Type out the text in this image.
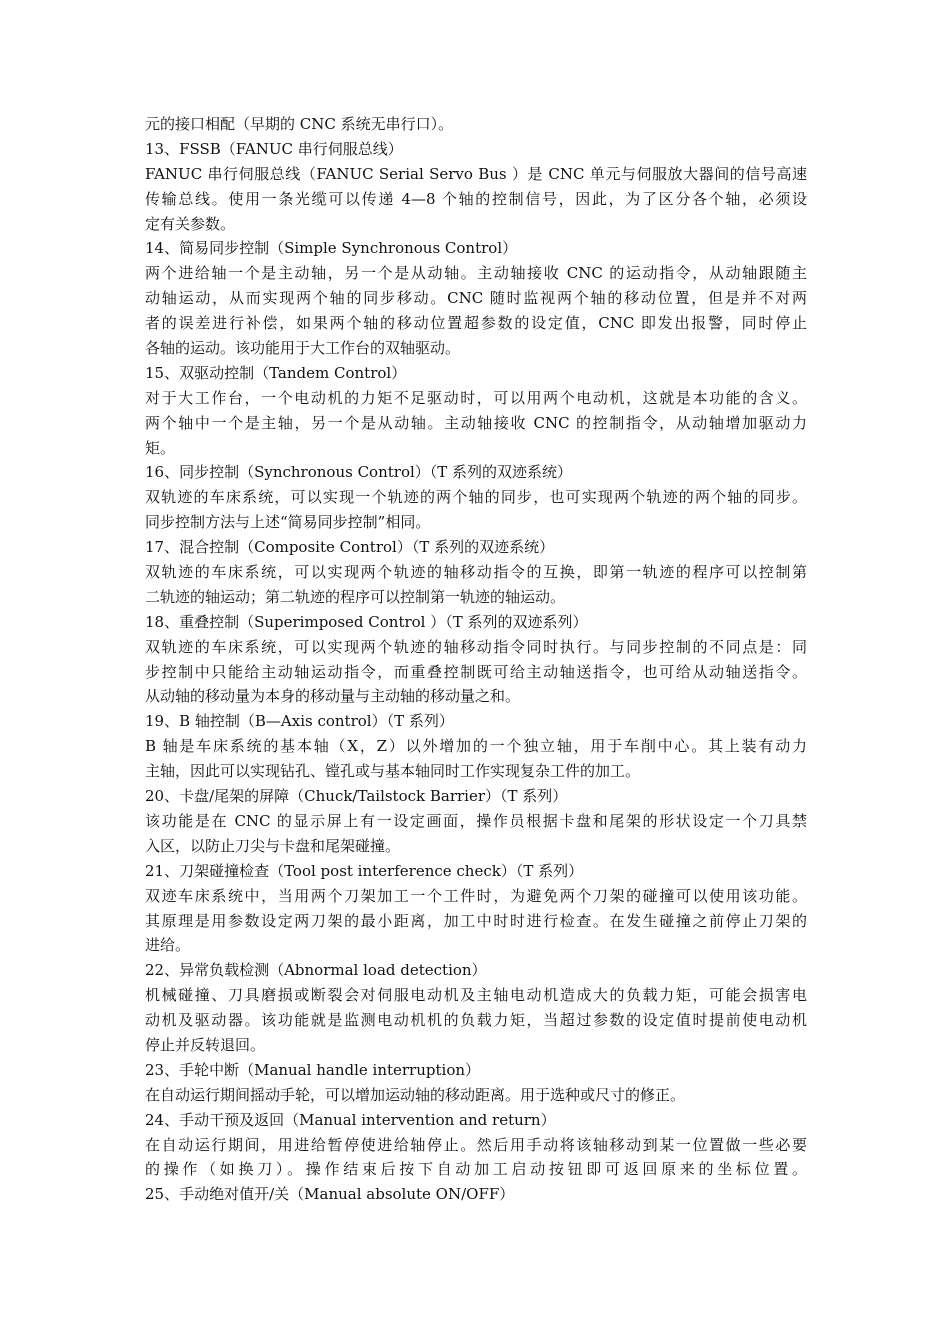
元的接口相配（早期的 CNC 系统无串行口）。
13、FSSB（FANUC 串行伺服总线）
FANUC 串行伺服总线（FANUC Serial Servo Bus ）是 CNC 单元与伺服放大器间的信号高速
传输总线。使用一条光缆可以传递 4—8 个轴的控制信号，因此，为了区分各个轴，必须设
定有关参数。
14、简易同步控制（Simple Synchronous Control）
两个进给轴一个是主动轴，另一个是从动轴。主动轴接收 CNC 的运动指令，从动轴跟随主
动轴运动，从而实现两个轴的同步移动。CNC 随时监视两个轴的移动位置，但是并不对两
者的误差进行补偿，如果两个轴的移动位置超参数的设定值，CNC 即发出报警，同时停止
各轴的运动。该功能用于大工作台的双轴驱动。
15、双驱动控制（Tandem Control）
对于大工作台，一个电动机的力矩不足驱动时，可以用两个电动机，这就是本功能的含义。
两个轴中一个是主轴，另一个是从动轴。主动轴接收 CNC 的控制指令，从动轴增加驱动力
矩。
16、同步控制（Synchronous Control）（T 系列的双迹系统）
双轨迹的车床系统，可以实现一个轨迹的两个轴的同步，也可实现两个轨迹的两个轴的同步。
同步控制方法与上述“简易同步控制”相同。
17、混合控制（Composite Control）（T 系列的双迹系统）
双轨迹的车床系统，可以实现两个轨迹的轴移动指令的互换，即第一轨迹的程序可以控制第
二轨迹的轴运动；第二轨迹的程序可以控制第一轨迹的轴运动。
18、重叠控制（Superimposed Control ）（T 系列的双迹系列）
双轨迹的车床系统，可以实现两个轨迹的轴移动指令同时执行。与同步控制的不同点是：同
步控制中只能给主动轴运动指令，而重叠控制既可给主动轴送指令，也可给从动轴送指令。
从动轴的移动量为本身的移动量与主动轴的移动量之和。
19、B 轴控制（B—Axis control）（T 系列）
B 轴是车床系统的基本轴（X，Z）以外增加的一个独立轴，用于车削中心。其上装有动力
主轴，因此可以实现钻孔、镗孔或与基本轴同时工作实现复杂工件的加工。
20、卡盘/尾架的屏障（Chuck/Tailstock Barrier）（T 系列）
该功能是在 CNC 的显示屏上有一设定画面，操作员根据卡盘和尾架的形状设定一个刀具禁
入区，以防止刀尖与卡盘和尾架碰撞。
21、刀架碰撞检查（Tool post interference check）（T 系列）
双迹车床系统中，当用两个刀架加工一个工件时，为避免两个刀架的碰撞可以使用该功能。
其原理是用参数设定两刀架的最小距离，加工中时时进行检查。在发生碰撞之前停止刀架的
进给。
22、异常负载检测（Abnormal load detection）
机械碰撞、刀具磨损或断裂会对伺服电动机及主轴电动机造成大的负载力矩，可能会损害电
动机及驱动器。该功能就是监测电动机机的负载力矩，当超过参数的设定值时提前使电动机
停止并反转退回。
23、手轮中断（Manual handle interruption）
在自动运行期间摇动手轮，可以增加运动轴的移动距离。用于选种或尺寸的修正。
24、手动干预及返回（Manual intervention and return）
在自动运行期间，用进给暂停使进给轴停止。然后用手动将该轴移动到某一位置做一些必要
的操作（如换刀）。操作结束后按下自动加工启动按钮即可返回原来的坐标位置。
25、手动绝对值开/关（Manual absolute ON/OFF）
